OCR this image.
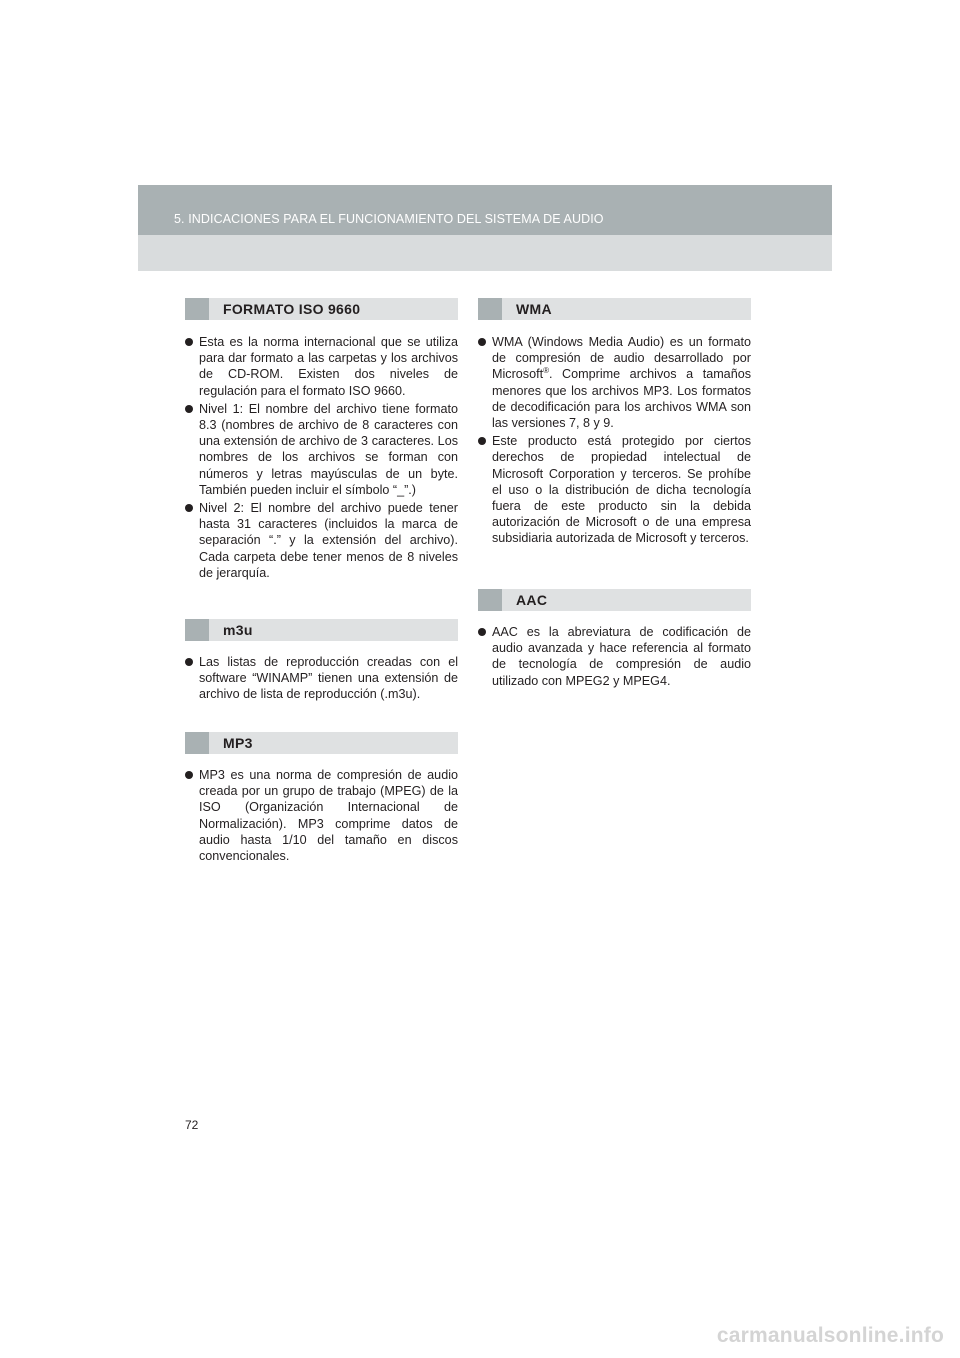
5. INDICACIONES PARA EL FUNCIONAMIENTO DEL SISTEMA DE AUDIO
FORMATO ISO 9660
Esta es la norma internacional que se utiliza para dar formato a las carpetas y los archivos de CD-ROM. Existen dos niveles de regulación para el formato ISO 9660.
Nivel 1: El nombre del archivo tiene formato 8.3 (nombres de archivo de 8 caracteres con una extensión de archivo de 3 caracteres. Los nombres de los archivos se forman con números y letras mayúsculas de un byte. También pueden incluir el símbolo “_”.)
Nivel 2: El nombre del archivo puede tener hasta 31 caracteres (incluidos la marca de separación “.” y la extensión del archivo). Cada carpeta debe tener menos de 8 niveles de jerarquía.
m3u
Las listas de reproducción creadas con el software “WINAMP” tienen una extensión de archivo de lista de reproducción (.m3u).
MP3
MP3 es una norma de compresión de audio creada por un grupo de trabajo (MPEG) de la ISO (Organización Internacional de Normalización). MP3 comprime datos de audio hasta 1/10 del tamaño en discos convencionales.
WMA
WMA (Windows Media Audio) es un formato de compresión de audio desarrollado por Microsoft®. Comprime archivos a tamaños menores que los archivos MP3. Los formatos de decodificación para los archivos WMA son las versiones 7, 8 y 9.
Este producto está protegido por ciertos derechos de propiedad intelectual de Microsoft Corporation y terceros. Se prohíbe el uso o la distribución de dicha tecnología fuera de este producto sin la debida autorización de Microsoft o de una empresa subsidiaria autorizada de Microsoft y terceros.
AAC
AAC es la abreviatura de codificación de audio avanzada y hace referencia al formato de tecnología de compresión de audio utilizado con MPEG2 y MPEG4.
72
carmanualsonline.info
